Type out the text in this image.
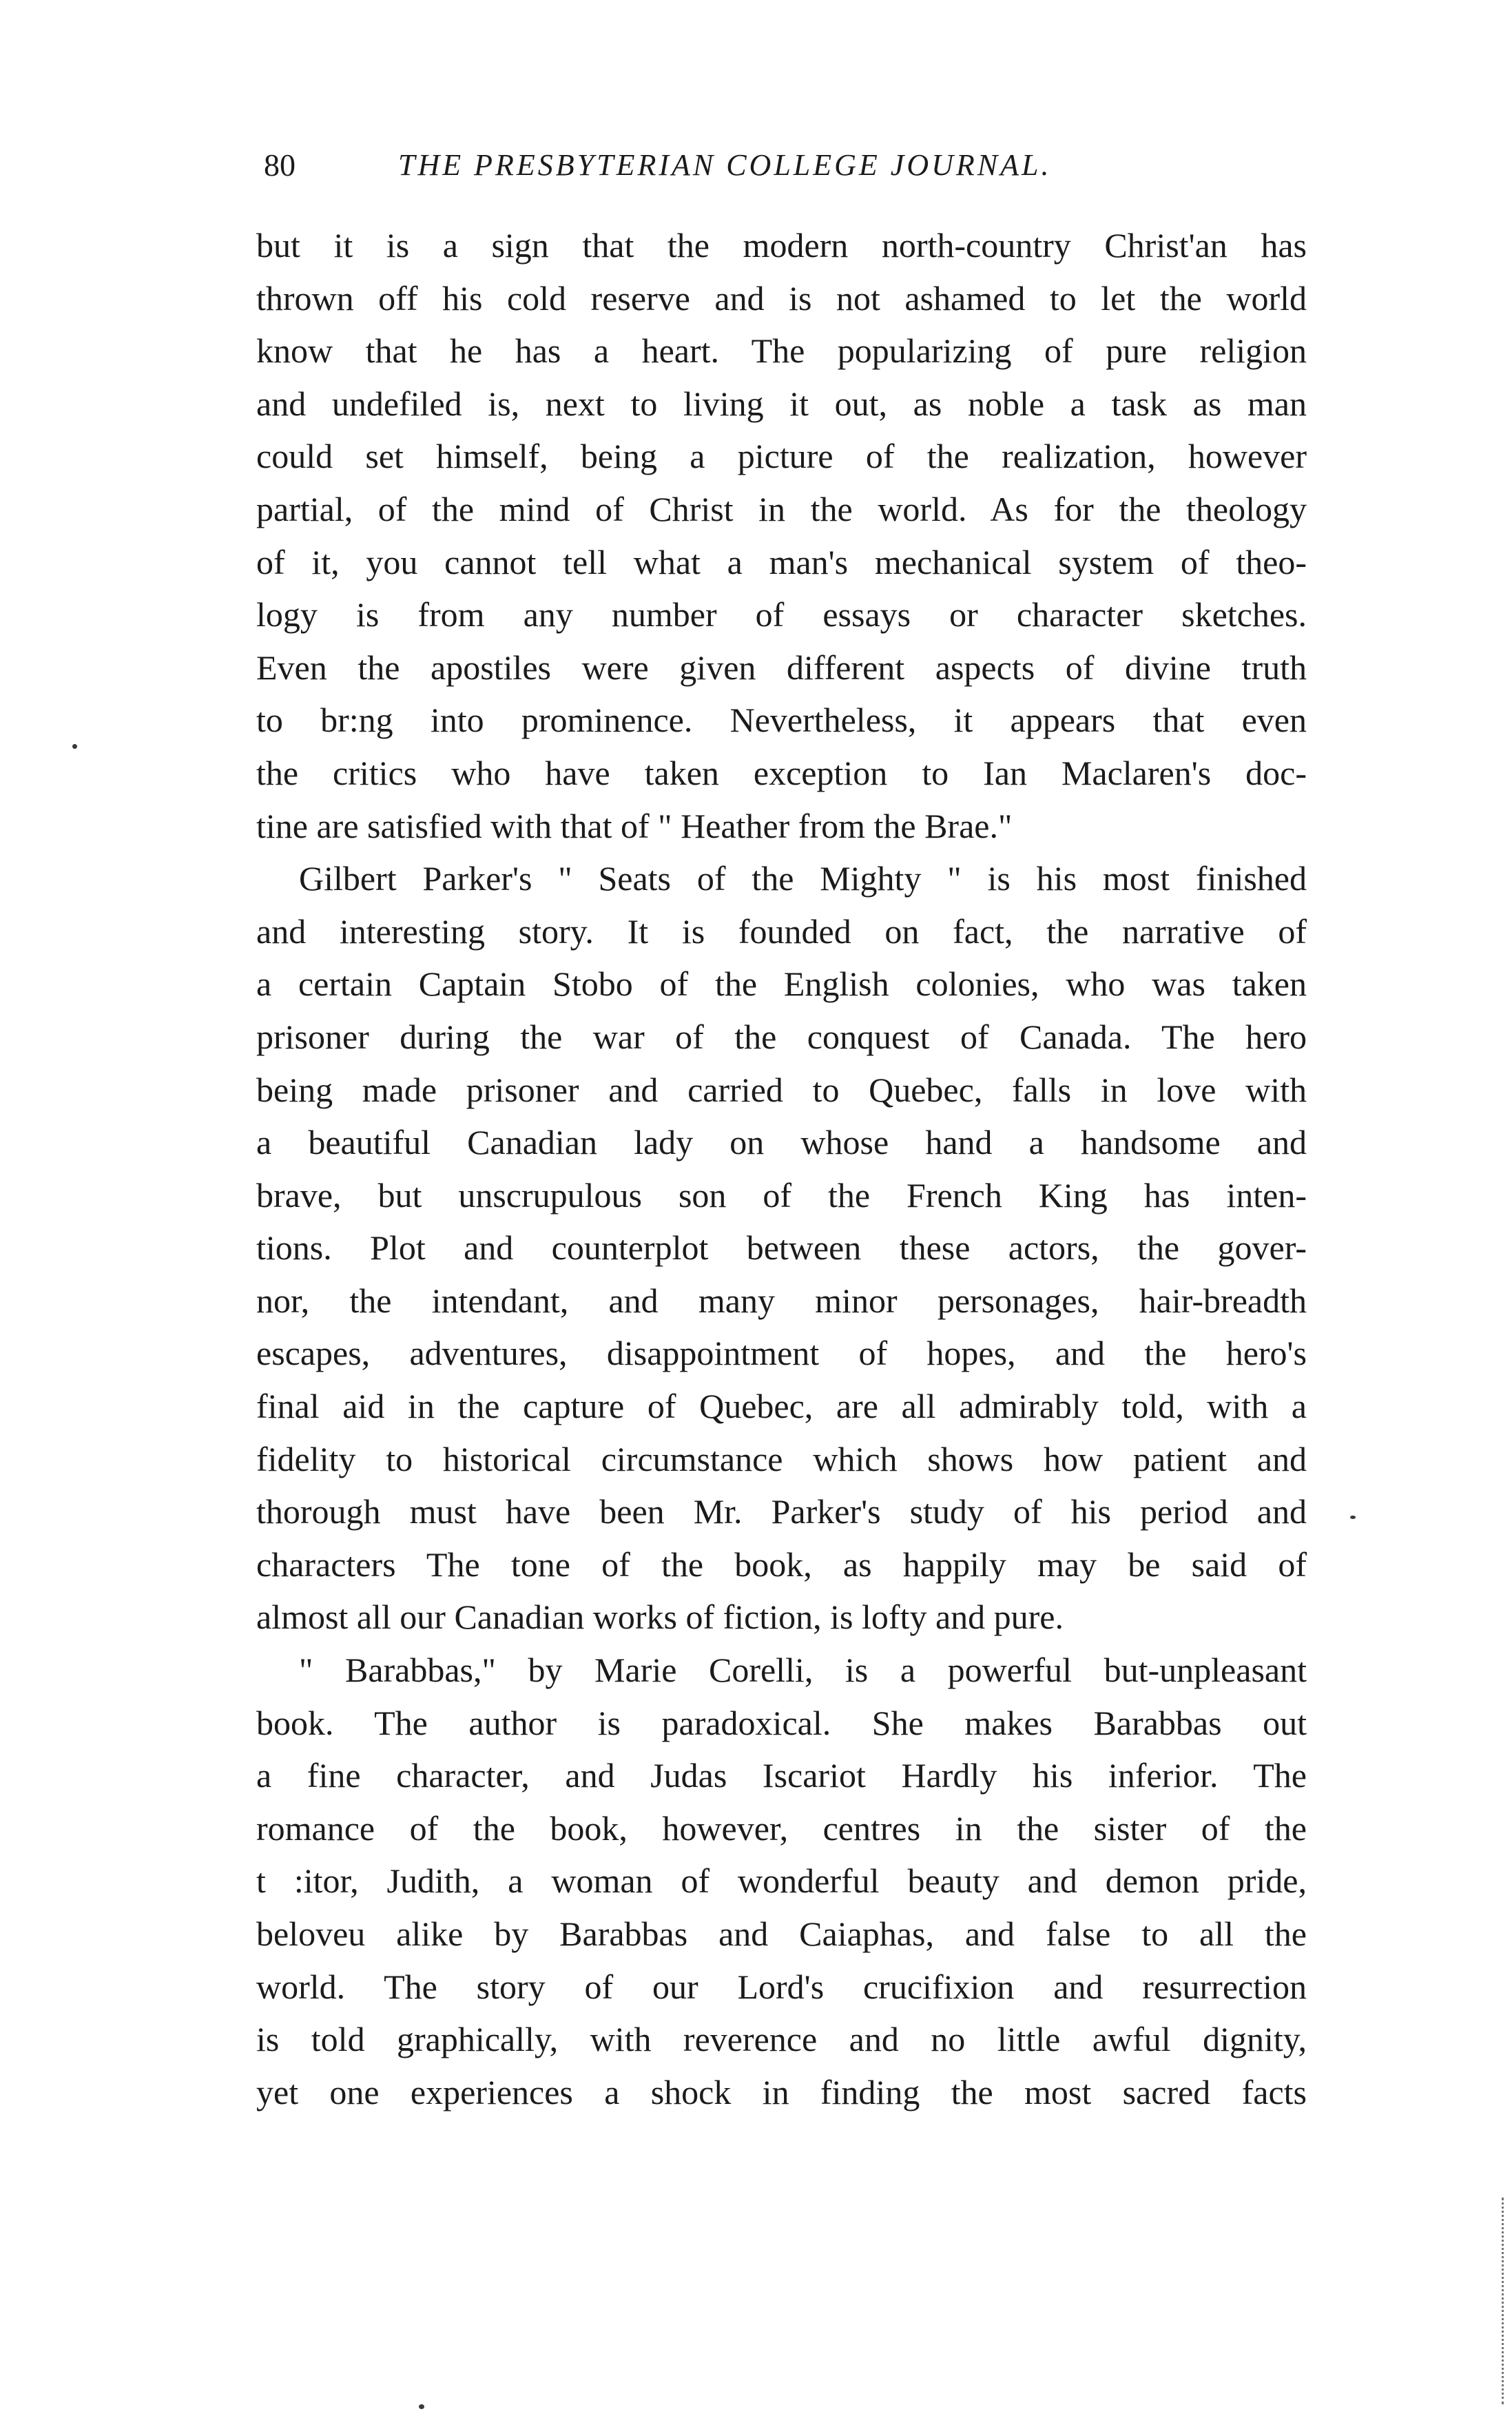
80	THE PRESBYTERIAN COLLEGE JOURNAL.

but it is a sign that the modern north-country Christ'an has
thrown off his cold reserve and is not ashamed to let the world
know that he has a heart. The popularizing of pure religion
and undefiled is, next to living it out, as noble a task as man
could set himself, being a picture of the realization, however
partial, of the mind of Christ in the world. As for the theology
of it, you cannot tell what a man's mechanical system of theo-
logy is from any number of essays or character sketches.
Even the apostiles were given different aspects of divine truth
to br:ng into prominence. Nevertheless, it appears that even
the critics who have taken exception to Ian Maclaren's doc-
tine are satisfied with that of " Heather from the Brae."

Gilbert Parker's " Seats of the Mighty " is his most finished
and interesting story. It is founded on fact, the narrative of
a certain Captain Stobo of the English colonies, who was taken
prisoner during the war of the conquest of Canada. The hero
being made prisoner and carried to Quebec, falls in love with
a beautiful Canadian lady on whose hand a handsome and
brave, but unscrupulous son of the French King has inten-
tions. Plot and counterplot between these actors, the gover-
nor, the intendant, and many minor personages, hair-breadth
escapes, adventures, disappointment of hopes, and the hero's
final aid in the capture of Quebec, are all admirably told, with a
fidelity to historical circumstance which shows how patient and
thorough must have been Mr. Parker's study of his period and
characters The tone of the book, as happily may be said of
almost all our Canadian works of fiction, is lofty and pure.

" Barabbas," by Marie Corelli, is a powerful but-unpleasant
book. The author is paradoxical. She makes Barabbas out
a fine character, and Judas Iscariot Hardly his inferior. The
romance of the book, however, centres in the sister of the
t :itor, Judith, a woman of wonderful beauty and demon pride,
beloveu alike by Barabbas and Caiaphas, and false to all the
world. The story of our Lord's crucifixion and resurrection
is told graphically, with reverence and no little awful dignity,
yet one experiences a shock in finding the most sacred facts
